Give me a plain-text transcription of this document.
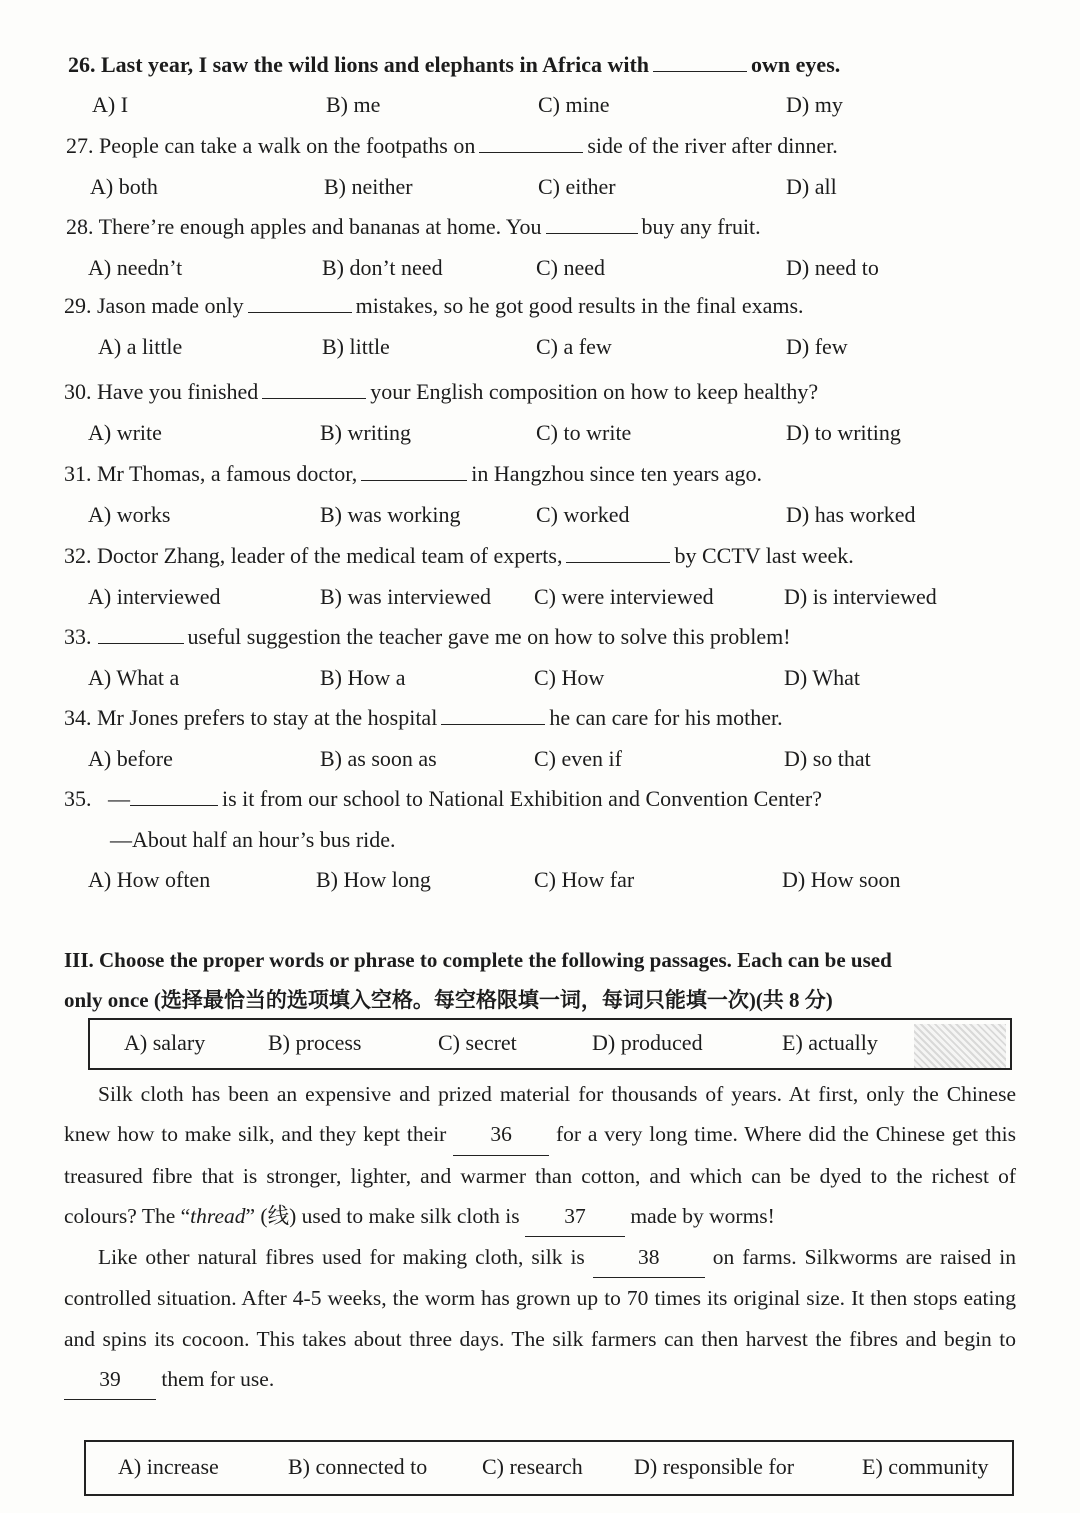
26. Last year, I saw the wild lions and elephants in Africa with	own eyes.
A) I	B) me	C) mine	D) my
27. People can take a walk on the footpaths on	side of the river after dinner.
A) both	B) neither	C) either	D) all
28. There’re enough apples and bananas at home. You	buy any fruit.
A) needn’t	B) don’t need	C) need	D) need to
29. Jason made only	mistakes, so he got good results in the final exams.
A) a little	B) little	C) a few	D) few
30. Have you finished	your English composition on how to keep healthy?
A) write	B) writing	C) to write	D) to writing
31. Mr Thomas, a famous doctor,	in Hangzhou since ten years ago.
A) works	B) was working	C) worked	D) has worked
32. Doctor Zhang, leader of the medical team of experts,	by CCTV last week.
A) interviewed	B) was interviewed C) were interviewed	D) is interviewed
33.	useful suggestion the teacher gave me on how to solve this problem!
A) What a	B) How a	C) How	D) What
34. Mr Jones prefers to stay at the hospital	he can care for his mother.
A) before	B) as soon as	C) even if	D) so that
35. —	is it from our school to National Exhibition and Convention Center?
—About half an hour’s bus ride.
A) How often	B) How long	C) How far	D) How soon
III. Choose the proper words or phrase to complete the following passages. Each can be used
only once (选择最恰当的选项填入空格。每空格限填一词，每词只能填一次)(共 8 分)
A) salary	B) process	C) secret	D) produced	E) actually

Silk cloth has been an expensive and prized material for thousands of years. At first, only the Chinese knew how to make silk, and they kept their 36 for a very long time. Where did the Chinese get this treasured fibre that is stronger, lighter, and warmer than cotton, and which can be dyed to the richest of colours? The “thread” (线) used to make silk cloth is 37 made by worms!

Like other natural fibres used for making cloth, silk is 38 on farms. Silkworms are raised in controlled situation. After 4-5 weeks, the worm has grown up to 70 times its original size. It then stops eating and spins its cocoon. This takes about three days. The silk farmers can then harvest the fibres and begin to 39 them for use.

A) increase	B) connected to C) research D) responsible for	E) community
